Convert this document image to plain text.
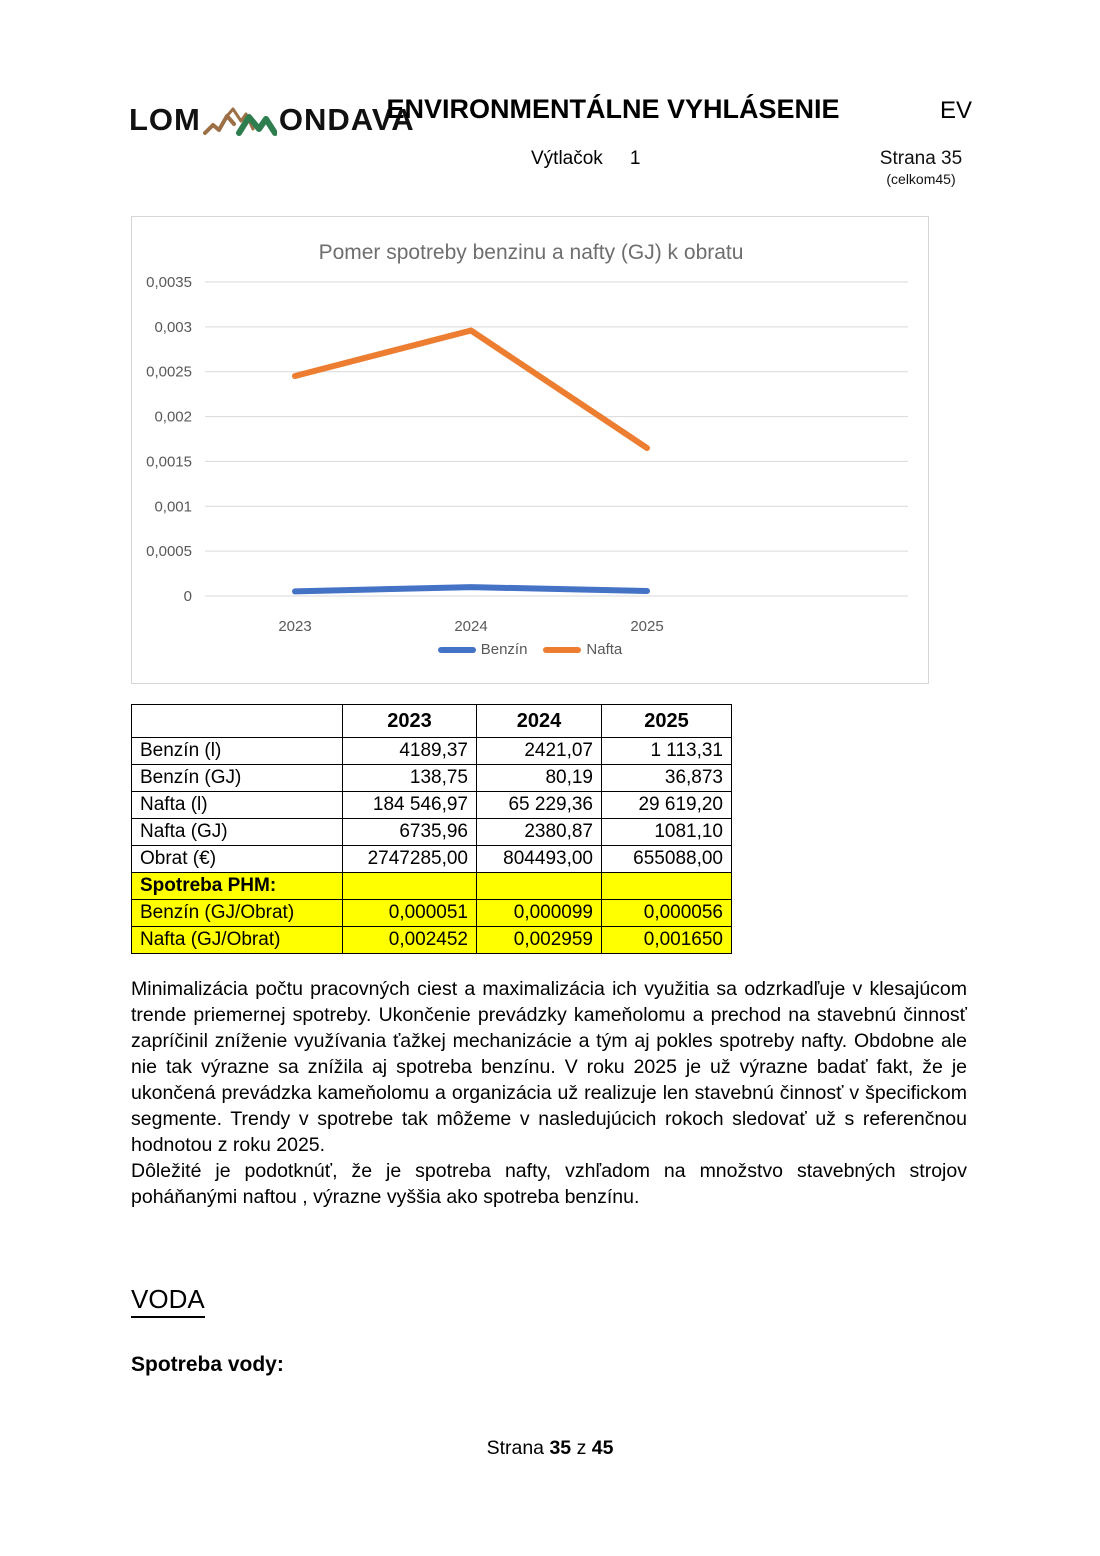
LOM	ONDAVA
ENVIRONMENTÁLNE VYHLÁSENIE	EV
Výtlačok 1	Strana 35
(celkom45)
Pomer spotreby benzinu a nafty (GJ) k obratu
0
0,0005
0,001
0,0015
0,002
0,0025
0,003
0,0035
2023	2024	2025
Benzín	Nafta
	2023	2024	2025
Benzín (l)	4189,37	2421,07	1 113,31
Benzín (GJ)	138,75	80,19	36,873
Nafta (l)	184 546,97	65 229,36	29 619,20
Nafta (GJ)	6735,96	2380,87	1081,10
Obrat (€)	2747285,00	804493,00	655088,00
Spotreba PHM:			
Benzín (GJ/Obrat)	0,000051	0,000099	0,000056
Nafta (GJ/Obrat)	0,002452	0,002959	0,001650

Minimalizácia počtu pracovných ciest a maximalizácia ich využitia sa odzrkadľuje v klesajúcom trende priemernej spotreby. Ukončenie prevádzky kameňolomu a prechod na stavebnú činnosť zapríčinil zníženie využívania ťažkej mechanizácie a tým aj pokles spotreby nafty. Obdobne ale nie tak výrazne sa znížila aj spotreba benzínu. V roku 2025 je už výrazne badať fakt, že je ukončená prevádzka kameňolomu a organizácia už realizuje len stavebnú činnosť v špecifickom segmente. Trendy v spotrebe tak môžeme v nasledujúcich rokoch sledovať už s referenčnou hodnotou z roku 2025.

Dôležité je podotknúť, že je spotreba nafty, vzhľadom na množstvo stavebných strojov poháňanými naftou , výrazne vyššia ako spotreba benzínu.

VODA
Spotreba vody:
Strana 35 z 45
